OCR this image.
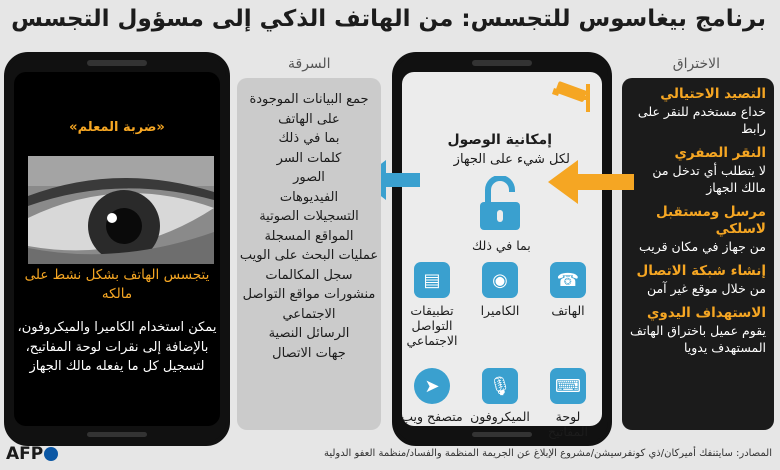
برنامج بيغاسوس للتجسس: من الهاتف الذكي إلى مسؤول التجسس
الاختراق
السرقة
التصيد الاحتيالي
خداع مستخدم للنقر على رابط
النقر الصفري
لا يتطلب أي تدخل من مالك الجهاز
مرسل ومستقبل لاسلكي
من جهاز في مكان قريب
إنشاء شبكة الاتصال
من خلال موقع غير آمن
الاستهداف اليدوي
يقوم عميل باختراق الهاتف المستهدف يدويا
إمكانية الوصول
لكل شيء على الجهاز
بما في ذلك
☎
الهاتف
◉
الكاميرا
▤
تطبيقات التواصل الاجتماعي
⌨
لوحة المفاتيح
🎙
الميكروفون
➤
متصفح ويب
جمع البيانات الموجودة على الهاتف
بما في ذلك
كلمات السر
الصور
الفيديوهات
التسجيلات الصوتية
المواقع المسجلة
عمليات البحث على الويب
سجل المكالمات
منشورات مواقع التواصل الاجتماعي
الرسائل النصية
جهات الاتصال
«ضربة المعلم»
يتجسس الهاتف بشكل نشط على مالكه
يمكن استخدام الكاميرا والميكروفون، بالإضافة إلى نقرات لوحة المفاتيح، لتسجيل كل ما يفعله مالك الجهاز
المصادر: سايتنفك أميركان/ذي كونفرسيشن/مشروع الإبلاغ عن الجريمة المنظمة والفساد/منظمة العفو الدولية
AFP
